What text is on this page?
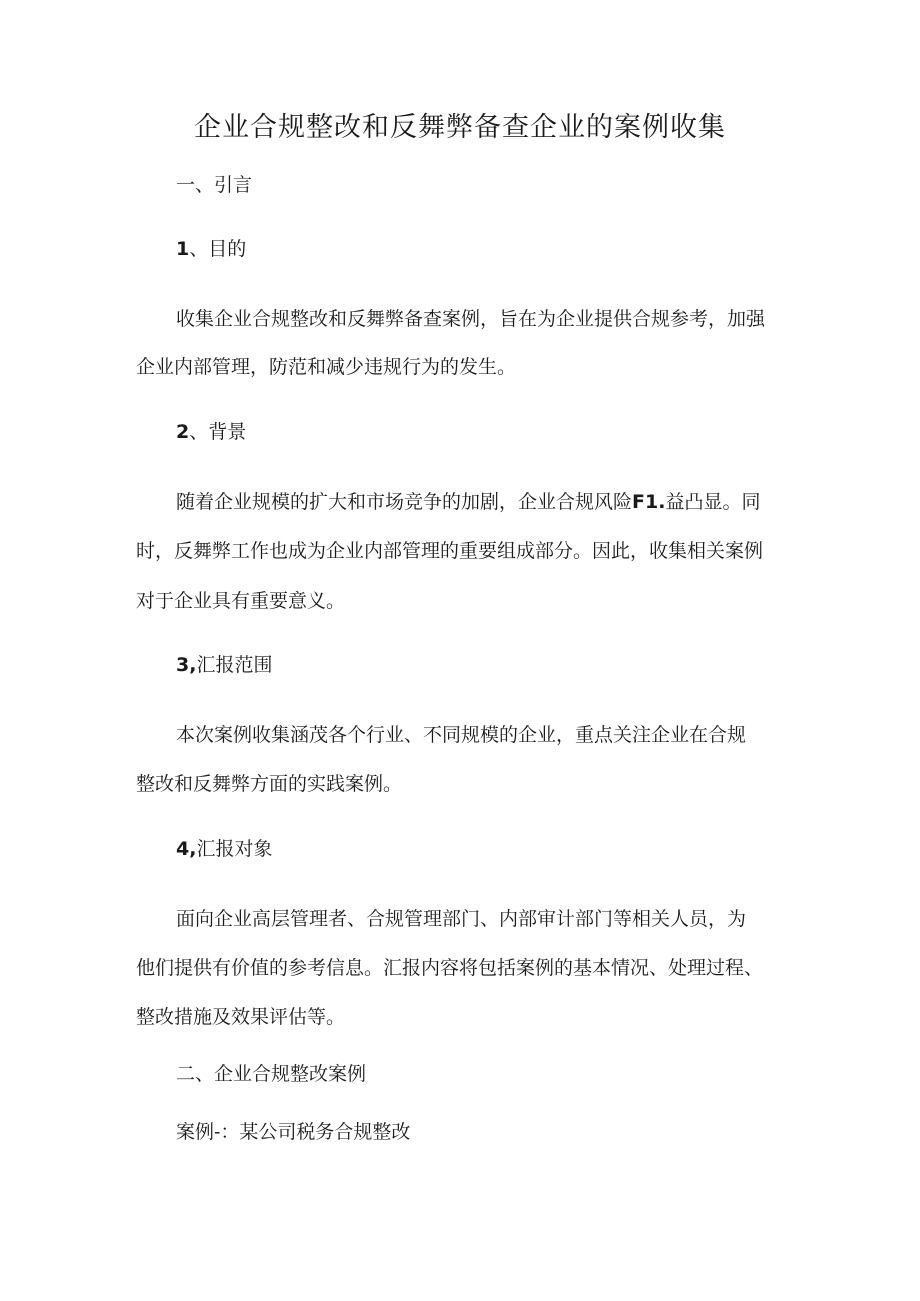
企业合规整改和反舞弊备查企业的案例收集

一、引言

1、目的

收集企业合规整改和反舞弊备查案例，旨在为企业提供合规参考，加强

企业内部管理，防范和减少违规行为的发生。

2、背景

随着企业规模的扩大和市场竞争的加剧，企业合规风险F1.益凸显。同

时，反舞弊工作也成为企业内部管理的重要组成部分。因此，收集相关案例

对于企业具有重要意义。

3,汇报范围

本次案例收集涵茂各个行业、不同规模的企业，重点关注企业在合规

整改和反舞弊方面的实践案例。

4,汇报对象

面向企业高层管理者、合规管理部门、内部审计部门等相关人员，为

他们提供有价值的参考信息。汇报内容将包括案例的基本情况、处理过程、

整改措施及效果评估等。

二、企业合规整改案例

案例-：某公司税务合规整改
